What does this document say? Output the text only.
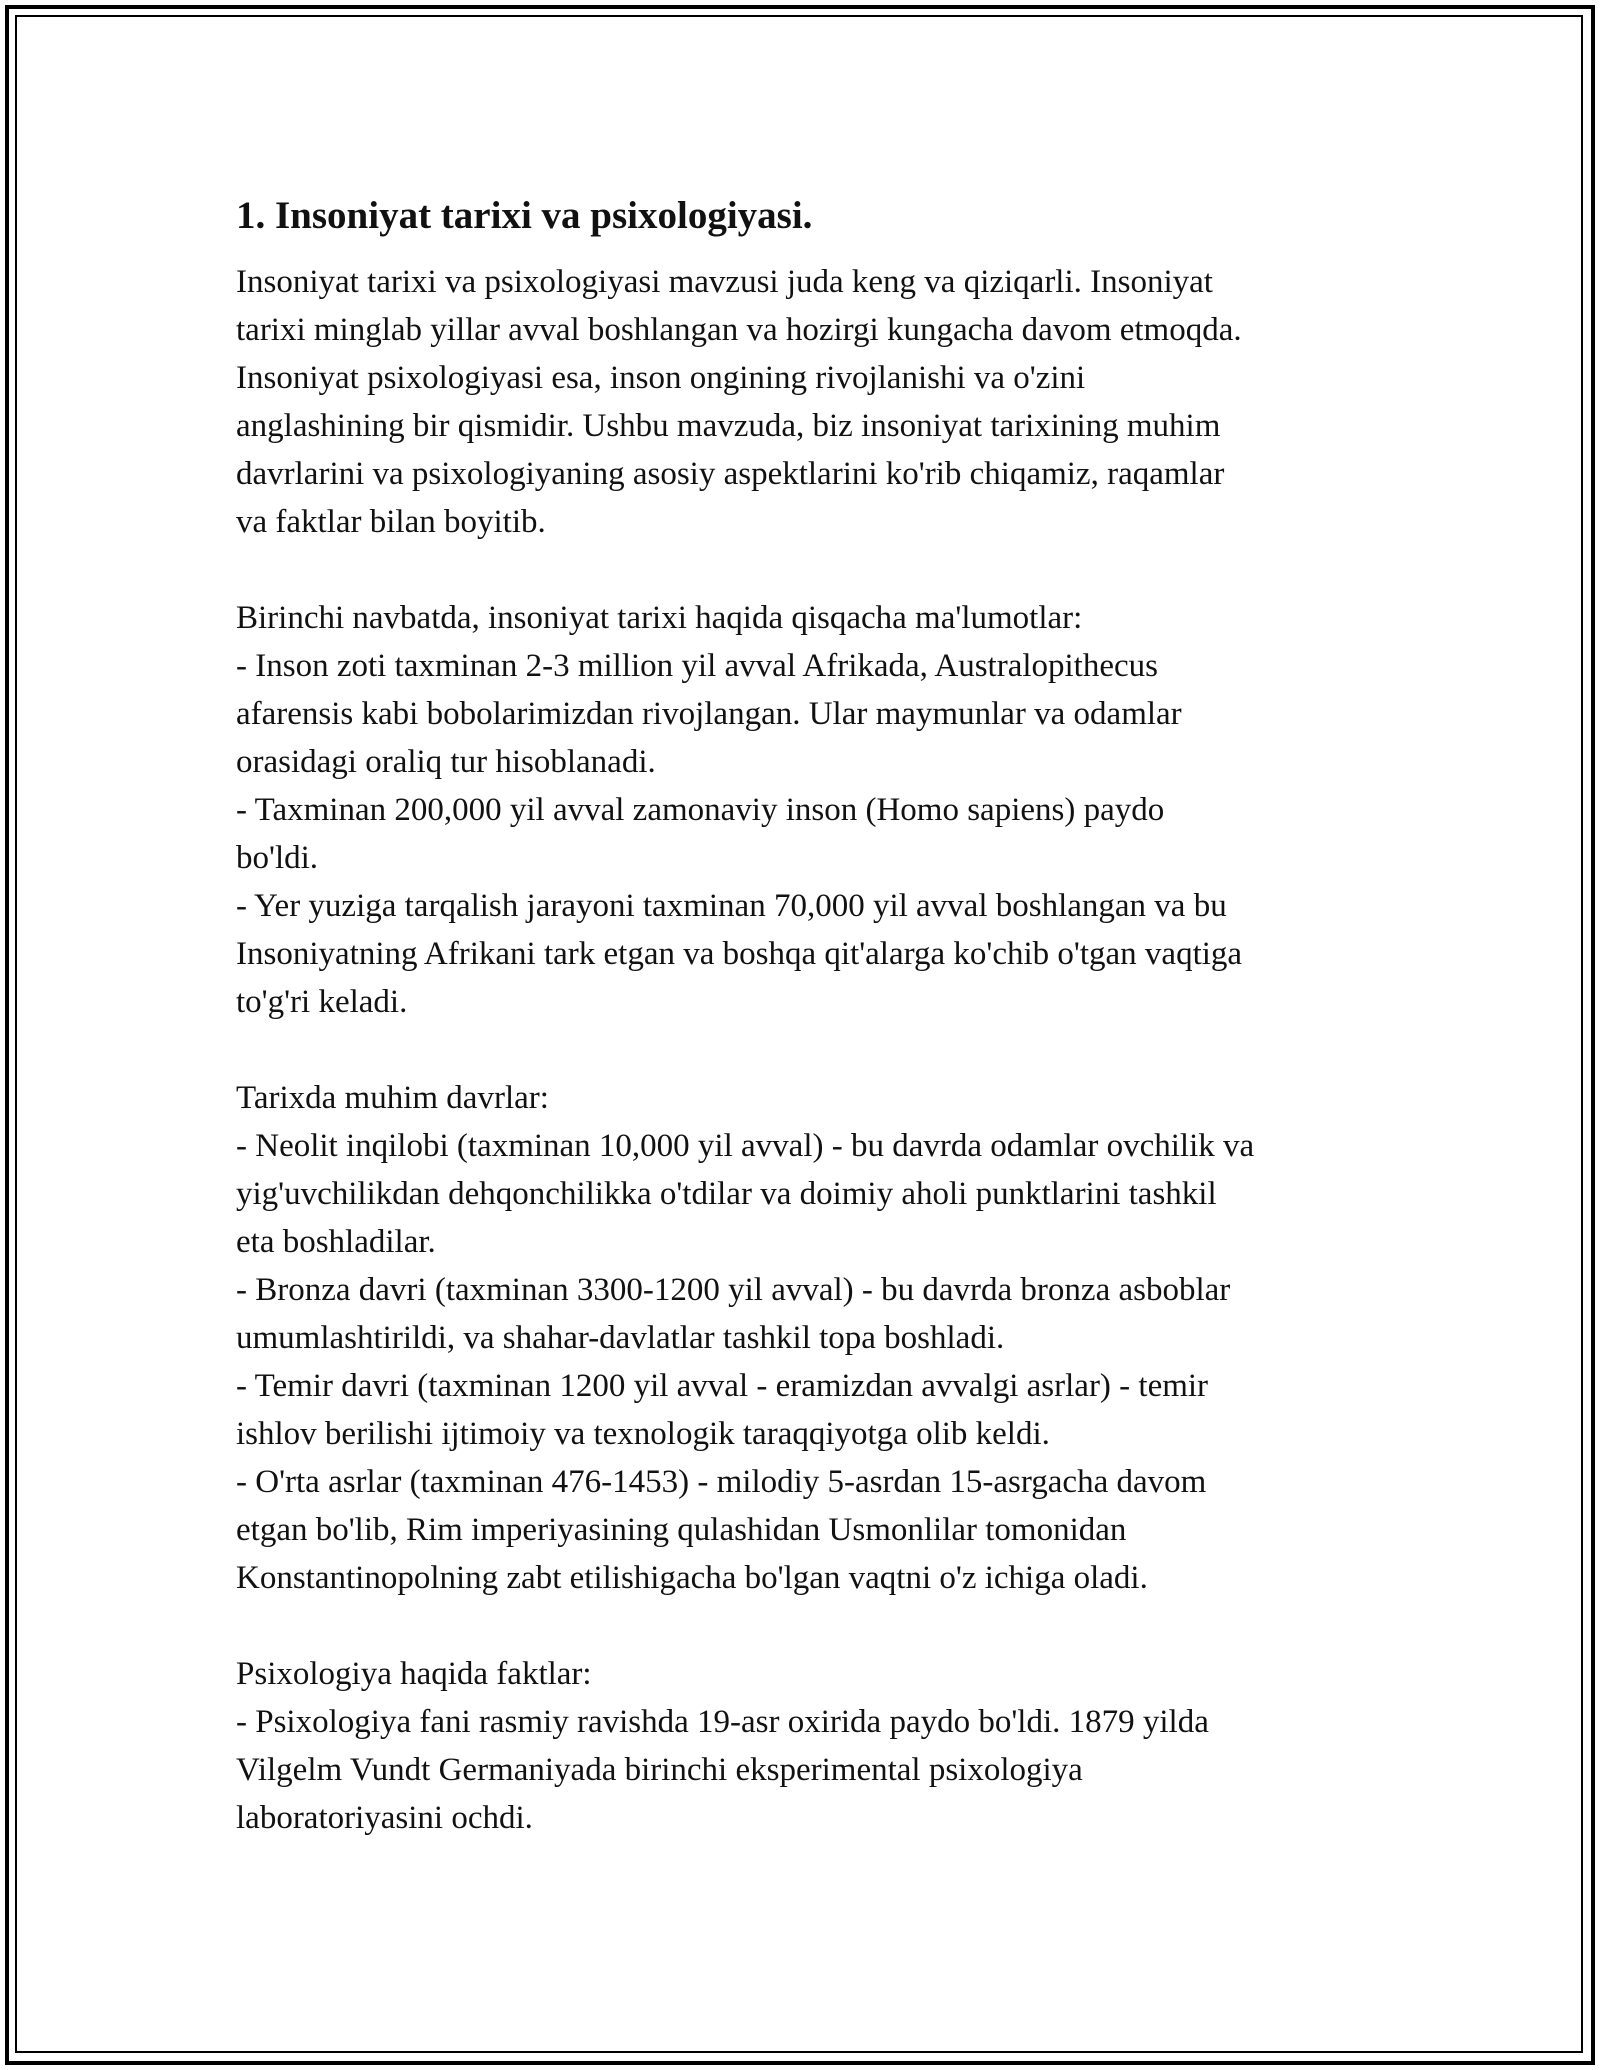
1. Insoniyat tarixi va psixologiyasi.
Insoniyat tarixi va psixologiyasi mavzusi juda keng va qiziqarli. Insoniyat
tarixi minglab yillar avval boshlangan va hozirgi kungacha davom etmoqda.
Insoniyat psixologiyasi esa, inson ongining rivojlanishi va o'zini
anglashining bir qismidir. Ushbu mavzuda, biz insoniyat tarixining muhim
davrlarini va psixologiyaning asosiy aspektlarini ko'rib chiqamiz, raqamlar
va faktlar bilan boyitib.
Birinchi navbatda, insoniyat tarixi haqida qisqacha ma'lumotlar:
- Inson zoti taxminan 2-3 million yil avval Afrikada, Australopithecus
afarensis kabi bobolarimizdan rivojlangan. Ular maymunlar va odamlar
orasidagi oraliq tur hisoblanadi.
- Taxminan 200,000 yil avval zamonaviy inson (Homo sapiens) paydo
bo'ldi.
- Yer yuziga tarqalish jarayoni taxminan 70,000 yil avval boshlangan va bu
Insoniyatning Afrikani tark etgan va boshqa qit'alarga ko'chib o'tgan vaqtiga
to'g'ri keladi.
Tarixda muhim davrlar:
- Neolit inqilobi (taxminan 10,000 yil avval) - bu davrda odamlar ovchilik va
yig'uvchilikdan dehqonchilikka o'tdilar va doimiy aholi punktlarini tashkil
eta boshladilar.
- Bronza davri (taxminan 3300-1200 yil avval) - bu davrda bronza asboblar
umumlashtirildi, va shahar-davlatlar tashkil topa boshladi.
- Temir davri (taxminan 1200 yil avval - eramizdan avvalgi asrlar) - temir
ishlov berilishi ijtimoiy va texnologik taraqqiyotga olib keldi.
- O'rta asrlar (taxminan 476-1453) - milodiy 5-asrdan 15-asrgacha davom
etgan bo'lib, Rim imperiyasining qulashidan Usmonlilar tomonidan
Konstantinopolning zabt etilishigacha bo'lgan vaqtni o'z ichiga oladi.
Psixologiya haqida faktlar:
- Psixologiya fani rasmiy ravishda 19-asr oxirida paydo bo'ldi. 1879 yilda
Vilgelm Vundt Germaniyada birinchi eksperimental psixologiya
laboratoriyasini ochdi.
